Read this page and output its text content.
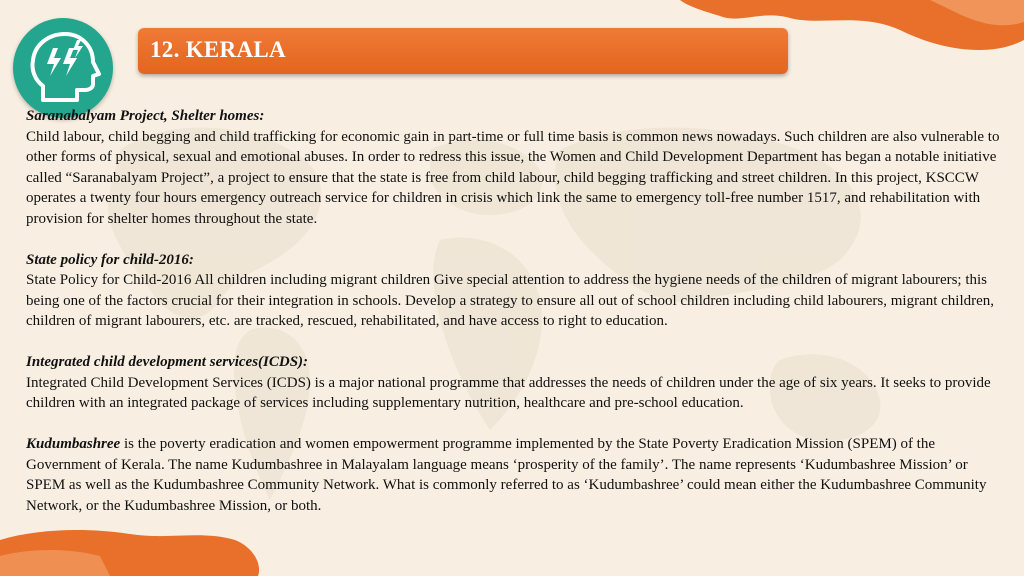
12. KERALA
Saranabalyam Project, Shelter homes:
Child labour, child begging and child trafficking for economic gain in part-time or full time basis is common news nowadays. Such children are also vulnerable to other forms of physical, sexual and emotional abuses. In order to redress this issue, the Women and Child Development Department has began a notable initiative called “Saranabalyam Project”, a project to ensure that the state is free from child labour, child begging trafficking and street children. In this project, KSCCW operates a twenty four hours emergency outreach service for children in crisis which link the same to emergency toll-free number 1517, and rehabilitation with provision for shelter homes throughout the state.
State policy for child-2016:
State Policy for Child-2016 All children including migrant children Give special attention to address the hygiene needs of the children of migrant labourers; this being one of the factors crucial for their integration in schools. Develop a strategy to ensure all out of school children including child labourers, migrant children, children of migrant labourers, etc. are tracked, rescued, rehabilitated, and have access to right to education.
Integrated child development services(ICDS):
Integrated Child Development Services (ICDS) is a major national programme that addresses the needs of children under the age of six years. It seeks to provide children with an integrated package of services including supplementary nutrition, healthcare and pre-school education.
Kudumbashree is the poverty eradication and women empowerment programme implemented by the State Poverty Eradication Mission (SPEM) of the Government of Kerala. The name Kudumbashree in Malayalam language means ‘prosperity of the family’. The name represents ‘Kudumbashree Mission’ or SPEM as well as the Kudumbashree Community Network. What is commonly referred to as ‘Kudumbashree’ could mean either the Kudumbashree Community Network, or the Kudumbashree Mission, or both.
